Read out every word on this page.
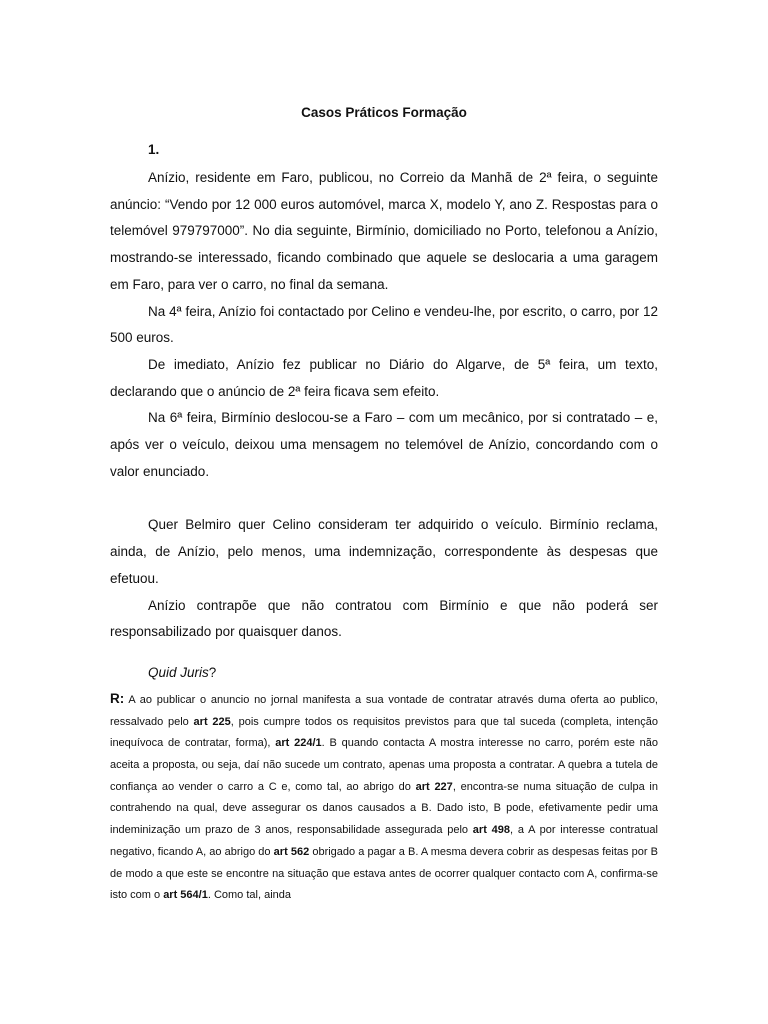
Casos Práticos Formação
1.

Anízio, residente em Faro, publicou, no Correio da Manhã de 2ª feira, o seguinte anúncio: “Vendo por 12 000 euros automóvel, marca X, modelo Y, ano Z. Respostas para o telemóvel 979797000”. No dia seguinte, Birmínio, domiciliado no Porto, telefonou a Anízio, mostrando-se interessado, ficando combinado que aquele se deslocaria a uma garagem em Faro, para ver o carro, no final da semana.

Na 4ª feira, Anízio foi contactado por Celino e vendeu-lhe, por escrito, o carro, por 12 500 euros.

De imediato, Anízio fez publicar no Diário do Algarve, de 5ª feira, um texto, declarando que o anúncio de 2ª feira ficava sem efeito.

Na 6ª feira, Birmínio deslocou-se a Faro – com um mecânico, por si contratado – e, após ver o veículo, deixou uma mensagem no telemóvel de Anízio, concordando com o valor enunciado.

Quer Belmiro quer Celino consideram ter adquirido o veículo. Birmínio reclama, ainda, de Anízio, pelo menos, uma indemnização, correspondente às despesas que efetuou.

Anízio contrapõe que não contratou com Birmínio e que não poderá ser responsabilizado por quaisquer danos.

Quid Juris?

R: A ao publicar o anuncio no jornal manifesta a sua vontade de contratar através duma oferta ao publico, ressalvado pelo art 225, pois cumpre todos os requisitos previstos para que tal suceda (completa, intenção inequívoca de contratar, forma), art 224/1. B quando contacta A mostra interesse no carro, porém este não aceita a proposta, ou seja, daí não sucede um contrato, apenas uma proposta a contratar. A quebra a tutela de confiança ao vender o carro a C e, como tal, ao abrigo do art 227, encontra-se numa situação de culpa in contrahendo na qual, deve assegurar os danos causados a B. Dado isto, B pode, efetivamente pedir uma indeminização um prazo de 3 anos, responsabilidade assegurada pelo art 498, a A por interesse contratual negativo, ficando A, ao abrigo do art 562 obrigado a pagar a B. A mesma devera cobrir as despesas feitas por B de modo a que este se encontre na situação que estava antes de ocorrer qualquer contacto com A, confirma-se isto com o art 564/1. Como tal, ainda
